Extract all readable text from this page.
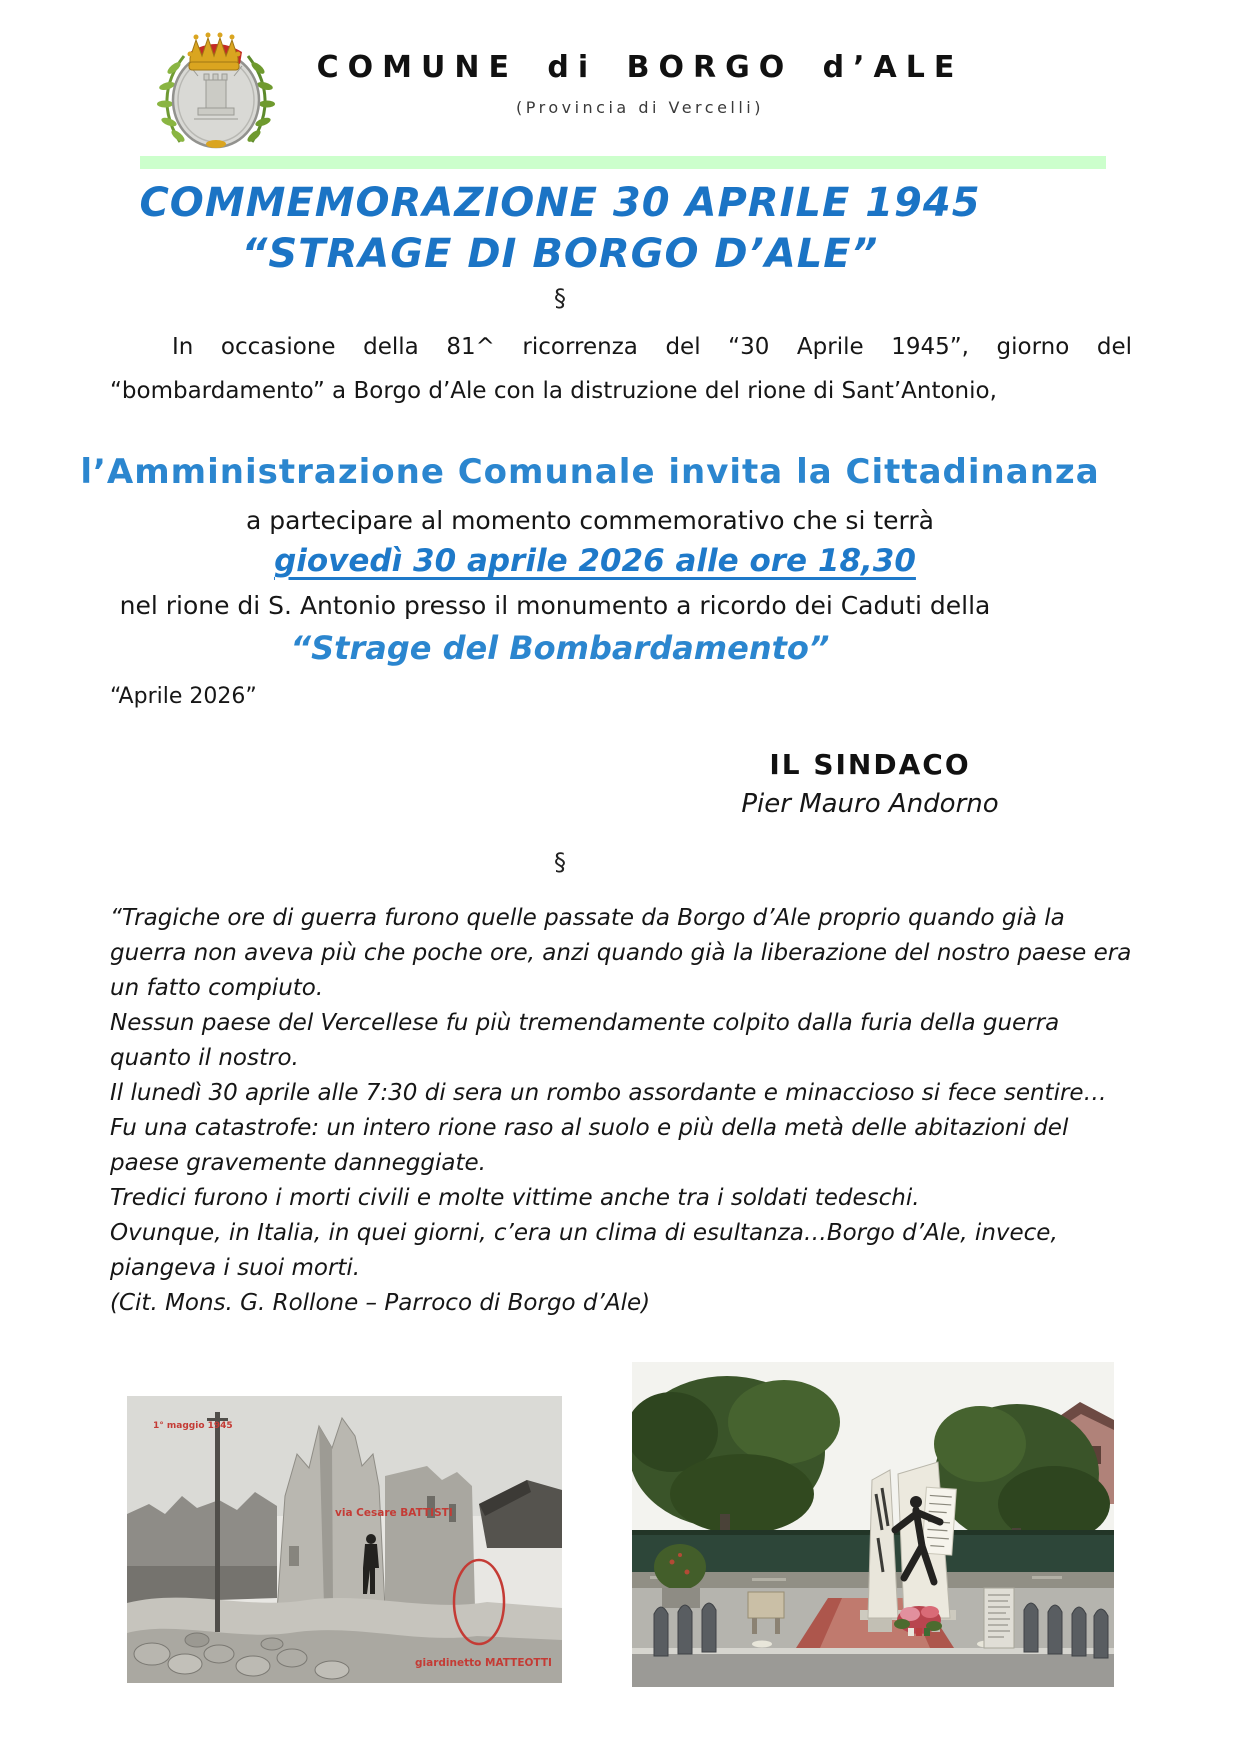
COMUNE di BORGO d’ALE
(Provincia di Vercelli)
COMMEMORAZIONE 30 APRILE 1945
“STRAGE DI BORGO D’ALE”
§
In occasione della 81^ ricorrenza del “30 Aprile 1945”, giorno del
“bombardamento” a Borgo d’Ale con la distruzione del rione di Sant’Antonio,
l’Amministrazione Comunale invita la Cittadinanza
a partecipare al momento commemorativo che si terrà
giovedì 30 aprile 2026 alle ore 18,30
nel rione di S. Antonio presso il monumento a ricordo dei Caduti della
“Strage del Bombardamento”
“Aprile 2026”
IL SINDACO
Pier Mauro Andorno
§
“Tragiche ore di guerra furono quelle passate da Borgo d’Ale proprio quando già la
guerra non aveva più che poche ore, anzi quando già la liberazione del nostro paese era
un fatto compiuto.
Nessun paese del Vercellese fu più tremendamente colpito dalla furia della guerra
quanto il nostro.
Il lunedì 30 aprile alle 7:30 di sera un rombo assordante e minaccioso si fece sentire…
Fu una catastrofe: un intero rione raso al suolo e più della metà delle abitazioni del
paese gravemente danneggiate.
Tredici furono i morti civili e molte vittime anche tra i soldati tedeschi.
Ovunque, in Italia, in quei giorni, c’era un clima di esultanza…Borgo d’Ale, invece,
piangeva i suoi morti.
(Cit. Mons. G. Rollone – Parroco di Borgo d’Ale)
1° maggio 1945
via Cesare BATTISTI
giardinetto MATTEOTTI
